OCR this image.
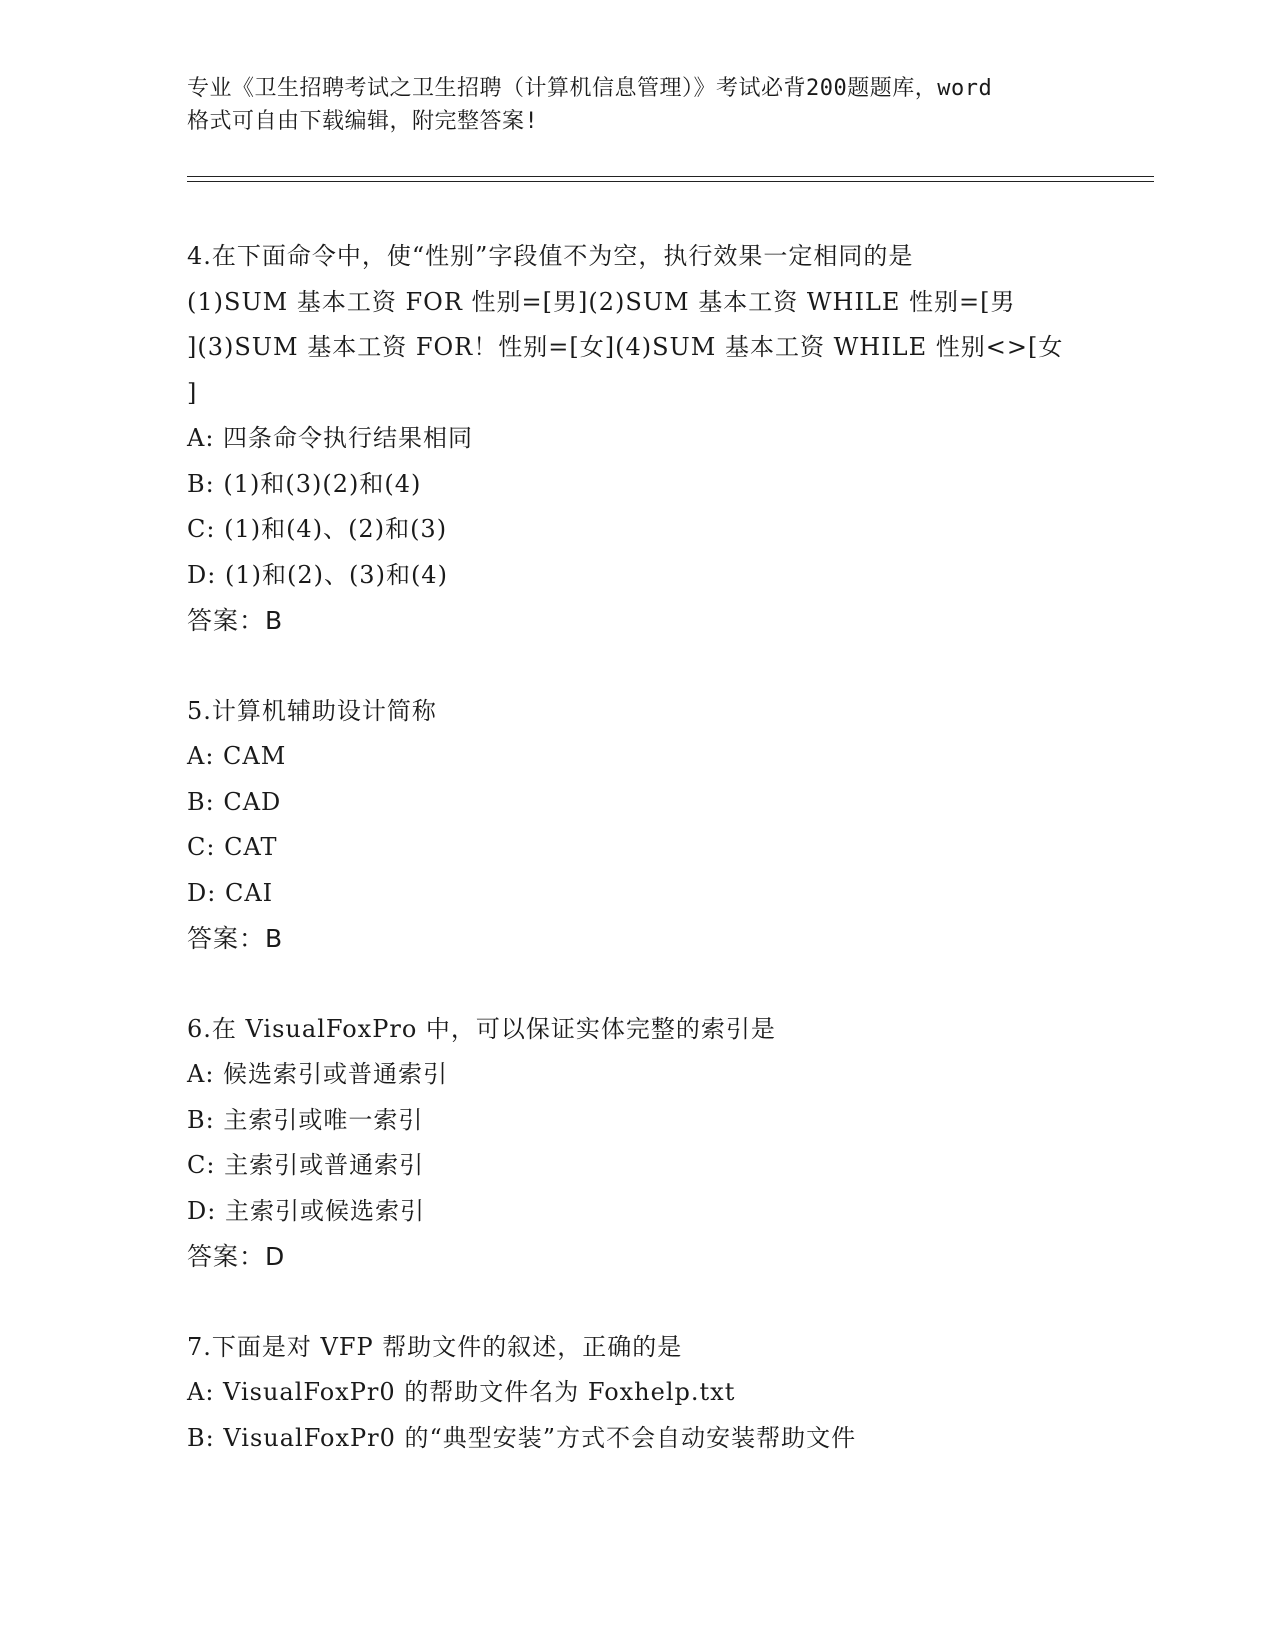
专业《卫生招聘考试之卫生招聘（计算机信息管理）》考试必背200题题库，word
格式可自由下载编辑，附完整答案!
4.在下面命令中，使“性别”字段值不为空，执行效果一定相同的是
(1)SUM 基本工资 FOR 性别=[男](2)SUM 基本工资 WHILE 性别=[男
](3)SUM 基本工资 FOR！性别=[女](4)SUM 基本工资 WHILE 性别<>[女
]
A: 四条命令执行结果相同
B: (1)和(3)(2)和(4)
C: (1)和(4)、(2)和(3)
D: (1)和(2)、(3)和(4)
答案：B
5.计算机辅助设计简称
A: CAM
B: CAD
C: CAT
D: CAI
答案：B
6.在 VisualFoxPro 中，可以保证实体完整的索引是
A: 候选索引或普通索引
B: 主索引或唯一索引
C: 主索引或普通索引
D: 主索引或候选索引
答案：D
7.下面是对 VFP 帮助文件的叙述，正确的是
A: VisualFoxPr0 的帮助文件名为 Foxhelp.txt
B: VisualFoxPr0 的“典型安装”方式不会自动安装帮助文件
